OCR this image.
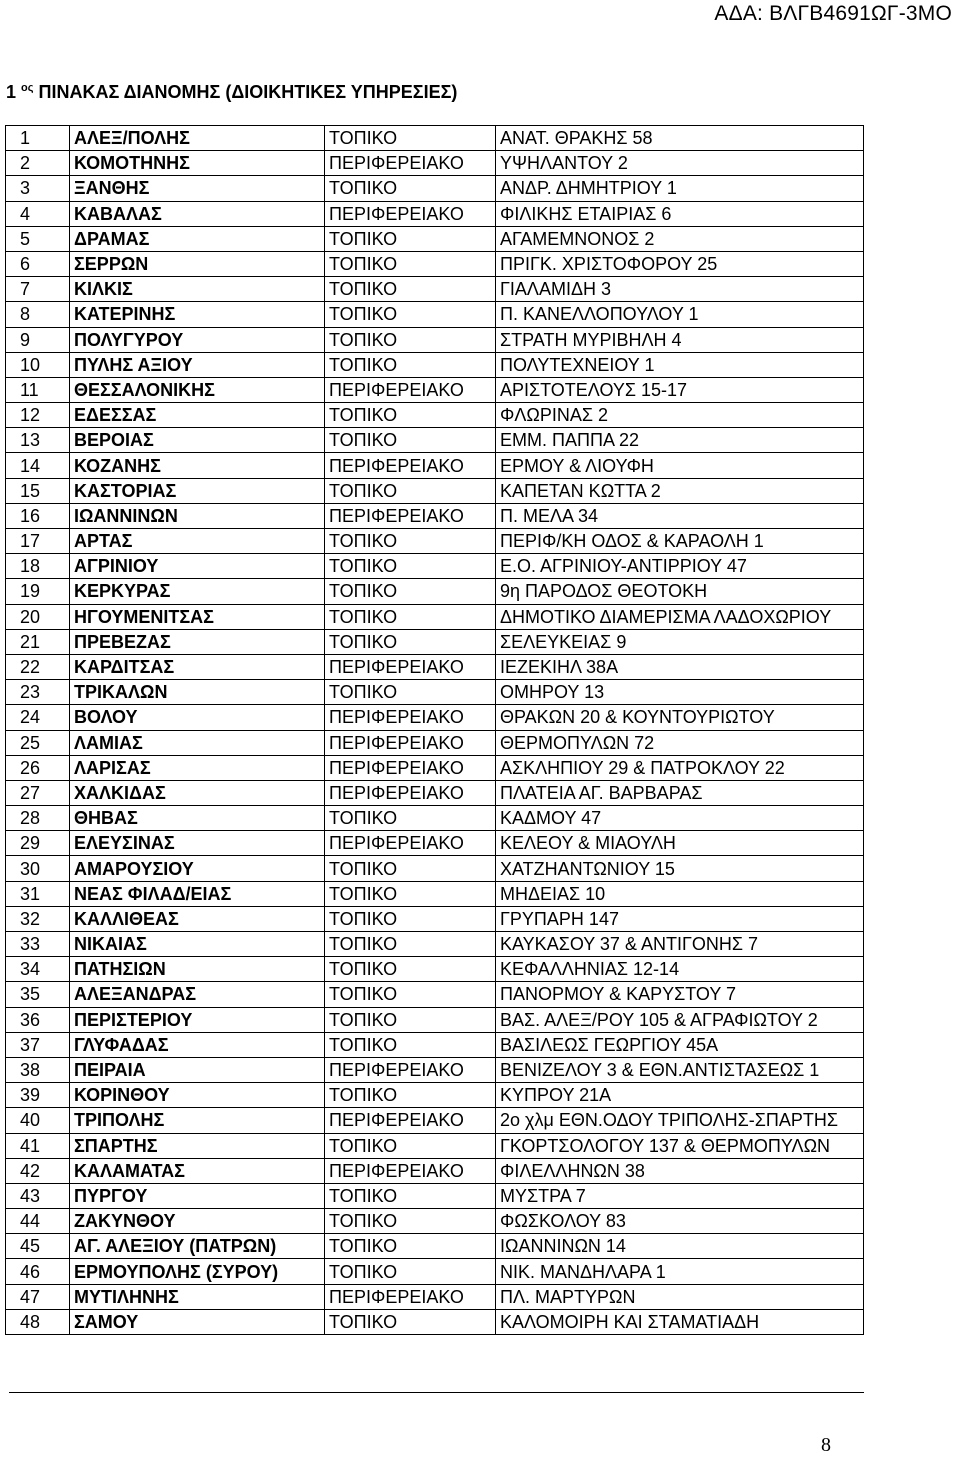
ΑΔΑ: ΒΛΓΒ4691ΩΓ-3ΜΟ
1 $^{o\varsigma}$ ΠΙΝΑΚΑΣ ΔΙΑΝΟΜΗΣ (ΔΙΟΙΚΗΤΙΚΕΣ ΥΠΗΡΕΣΙΕΣ)
1	ΑΛΕΞ/ΠΟΛΗΣ	ΤΟΠΙΚΟ	ΑΝΑΤ. ΘΡΑΚΗΣ 58
2	ΚΟΜΟΤΗΝΗΣ	ΠΕΡΙΦΕΡΕΙΑΚΟ	ΥΨΗΛΑΝΤΟΥ 2
3	ΞΑΝΘΗΣ	ΤΟΠΙΚΟ	ΑΝΔΡ. ΔΗΜΗΤΡΙΟΥ 1
4	ΚΑΒΑΛΑΣ	ΠΕΡΙΦΕΡΕΙΑΚΟ	ΦΙΛΙΚΗΣ ΕΤΑΙΡΙΑΣ 6
5	ΔΡΑΜΑΣ	ΤΟΠΙΚΟ	ΑΓΑΜΕΜΝΟΝΟΣ 2
6	ΣΕΡΡΩΝ	ΤΟΠΙΚΟ	ΠΡΙΓΚ. ΧΡΙΣΤΟΦΟΡΟΥ 25
7	ΚΙΛΚΙΣ	ΤΟΠΙΚΟ	ΓΙΑΛΑΜΙΔΗ 3
8	ΚΑΤΕΡΙΝΗΣ	ΤΟΠΙΚΟ	Π. ΚΑΝΕΛΛΟΠΟΥΛΟΥ 1
9	ΠΟΛΥΓΥΡΟΥ	ΤΟΠΙΚΟ	ΣΤΡΑΤΗ ΜΥΡΙΒΗΛΗ 4
10	ΠΥΛΗΣ ΑΞΙΟΥ	ΤΟΠΙΚΟ	ΠΟΛΥΤΕΧΝΕΙΟΥ 1
11	ΘΕΣΣΑΛΟΝΙΚΗΣ	ΠΕΡΙΦΕΡΕΙΑΚΟ	ΑΡΙΣΤΟΤΕΛΟΥΣ 15-17
12	ΕΔΕΣΣΑΣ	ΤΟΠΙΚΟ	ΦΛΩΡΙΝΑΣ 2
13	ΒΕΡΟΙΑΣ	ΤΟΠΙΚΟ	ΕΜΜ. ΠΑΠΠΑ 22
14	ΚΟΖΑΝΗΣ	ΠΕΡΙΦΕΡΕΙΑΚΟ	ΕΡΜΟΥ & ΛΙΟΥΦΗ
15	ΚΑΣΤΟΡΙΑΣ	ΤΟΠΙΚΟ	ΚΑΠΕΤΑΝ ΚΩΤΤΑ 2
16	ΙΩΑΝΝΙΝΩΝ	ΠΕΡΙΦΕΡΕΙΑΚΟ	Π. ΜΕΛΑ 34
17	ΑΡΤΑΣ	ΤΟΠΙΚΟ	ΠΕΡΙΦ/ΚΗ ΟΔΟΣ & ΚΑΡΑΟΛΗ 1
18	ΑΓΡΙΝΙΟΥ	ΤΟΠΙΚΟ	Ε.Ο. ΑΓΡΙΝΙΟΥ-ΑΝΤΙΡΡΙΟΥ 47
19	ΚΕΡΚΥΡΑΣ	ΤΟΠΙΚΟ	9η ΠΑΡΟΔΟΣ ΘΕΟΤΟΚΗ
20	ΗΓΟΥΜΕΝΙΤΣΑΣ	ΤΟΠΙΚΟ	ΔΗΜΟΤΙΚΟ ΔΙΑΜΕΡΙΣΜΑ ΛΑΔΟΧΩΡΙΟΥ
21	ΠΡΕΒΕΖΑΣ	ΤΟΠΙΚΟ	ΣΕΛΕΥΚΕΙΑΣ 9
22	ΚΑΡΔΙΤΣΑΣ	ΠΕΡΙΦΕΡΕΙΑΚΟ	ΙΕΖΕΚΙΗΛ 38Α
23	ΤΡΙΚΑΛΩΝ	ΤΟΠΙΚΟ	ΟΜΗΡΟΥ 13
24	ΒΟΛΟΥ	ΠΕΡΙΦΕΡΕΙΑΚΟ	ΘΡΑΚΩΝ 20 & ΚΟΥΝΤΟΥΡΙΩΤΟΥ
25	ΛΑΜΙΑΣ	ΠΕΡΙΦΕΡΕΙΑΚΟ	ΘΕΡΜΟΠΥΛΩΝ 72
26	ΛΑΡΙΣΑΣ	ΠΕΡΙΦΕΡΕΙΑΚΟ	ΑΣΚΛΗΠΙΟΥ 29 & ΠΑΤΡΟΚΛΟΥ 22
27	ΧΑΛΚΙΔΑΣ	ΠΕΡΙΦΕΡΕΙΑΚΟ	ΠΛΑΤΕΙΑ ΑΓ. ΒΑΡΒΑΡΑΣ
28	ΘΗΒΑΣ	ΤΟΠΙΚΟ	ΚΑΔΜΟΥ 47
29	ΕΛΕΥΣΙΝΑΣ	ΠΕΡΙΦΕΡΕΙΑΚΟ	ΚΕΛΕΟΥ & ΜΙΑΟΥΛΗ
30	ΑΜΑΡΟΥΣΙΟΥ	ΤΟΠΙΚΟ	ΧΑΤΖΗΑΝΤΩΝΙΟΥ 15
31	ΝΕΑΣ ΦΙΛΑΔ/ΕΙΑΣ	ΤΟΠΙΚΟ	ΜΗΔΕΙΑΣ 10
32	ΚΑΛΛΙΘΕΑΣ	ΤΟΠΙΚΟ	ΓΡΥΠΑΡΗ 147
33	ΝΙΚΑΙΑΣ	ΤΟΠΙΚΟ	ΚΑΥΚΑΣΟΥ 37 & ΑΝΤΙΓΟΝΗΣ 7
34	ΠΑΤΗΣΙΩΝ	ΤΟΠΙΚΟ	ΚΕΦΑΛΛΗΝΙΑΣ 12-14
35	ΑΛΕΞΑΝΔΡΑΣ	ΤΟΠΙΚΟ	ΠΑΝΟΡΜΟΥ & ΚΑΡΥΣΤΟΥ 7
36	ΠΕΡΙΣΤΕΡΙΟΥ	ΤΟΠΙΚΟ	ΒΑΣ. ΑΛΕΞ/ΡΟΥ 105 & ΑΓΡΑΦΙΩΤΟΥ 2
37	ΓΛΥΦΑΔΑΣ	ΤΟΠΙΚΟ	ΒΑΣΙΛΕΩΣ ΓΕΩΡΓΙΟΥ 45Α
38	ΠΕΙΡΑΙΑ	ΠΕΡΙΦΕΡΕΙΑΚΟ	ΒΕΝΙΖΕΛΟΥ 3 & ΕΘΝ.ΑΝΤΙΣΤΑΣΕΩΣ 1
39	ΚΟΡΙΝΘΟΥ	ΤΟΠΙΚΟ	ΚΥΠΡΟΥ 21Α
40	ΤΡΙΠΟΛΗΣ	ΠΕΡΙΦΕΡΕΙΑΚΟ	2ο χλμ ΕΘΝ.ΟΔΟΥ ΤΡΙΠΟΛΗΣ-ΣΠΑΡΤΗΣ
41	ΣΠΑΡΤΗΣ	ΤΟΠΙΚΟ	ΓΚΟΡΤΣΟΛΟΓΟΥ 137 & ΘΕΡΜΟΠΥΛΩΝ
42	ΚΑΛΑΜΑΤΑΣ	ΠΕΡΙΦΕΡΕΙΑΚΟ	ΦΙΛΕΛΛΗΝΩΝ 38
43	ΠΥΡΓΟΥ	ΤΟΠΙΚΟ	ΜΥΣΤΡΑ 7
44	ΖΑΚΥΝΘΟΥ	ΤΟΠΙΚΟ	ΦΩΣΚΟΛΟΥ 83
45	ΑΓ. ΑΛΕΞΙΟΥ (ΠΑΤΡΩΝ)	ΤΟΠΙΚΟ	ΙΩΑΝΝΙΝΩΝ 14
46	ΕΡΜΟΥΠΟΛΗΣ (ΣΥΡΟΥ)	ΤΟΠΙΚΟ	ΝΙΚ. ΜΑΝΔΗΛΑΡΑ 1
47	ΜΥΤΙΛΗΝΗΣ	ΠΕΡΙΦΕΡΕΙΑΚΟ	ΠΛ. ΜΑΡΤΥΡΩΝ
48	ΣΑΜΟΥ	ΤΟΠΙΚΟ	ΚΑΛΟΜΟΙΡΗ ΚΑΙ ΣΤΑΜΑΤΙΑΔΗ
8
